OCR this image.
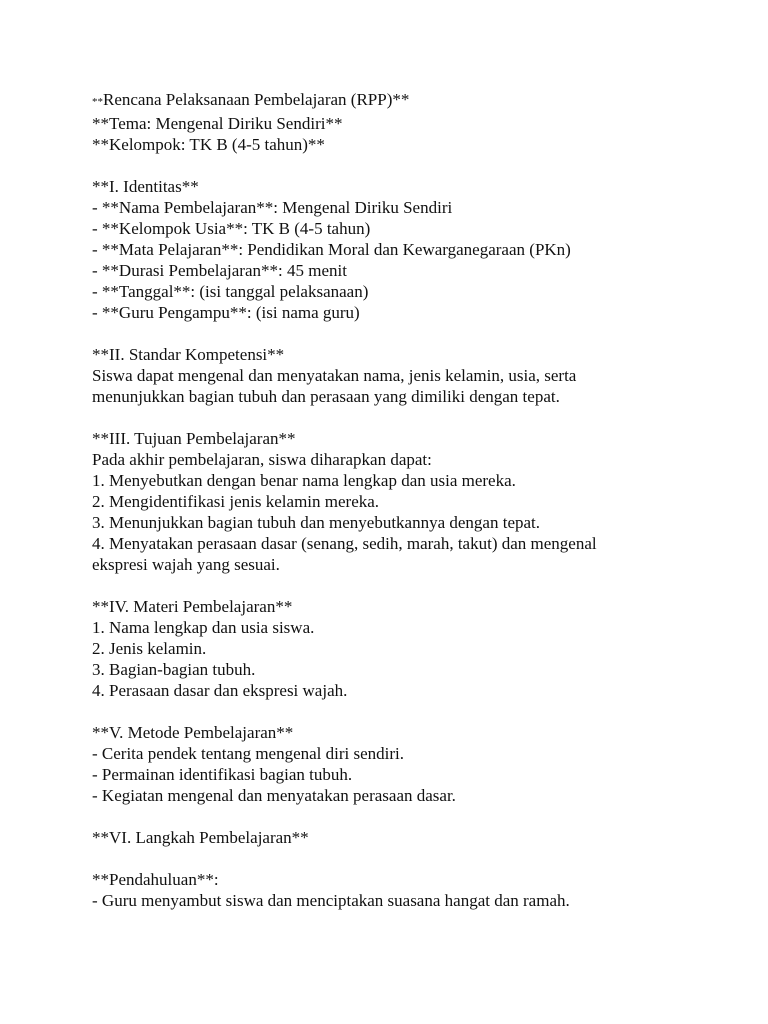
**Rencana Pelaksanaan Pembelajaran (RPP)**

**Tema: Mengenal Diriku Sendiri**

**Kelompok: TK B (4-5 tahun)**

**I. Identitas**

- **Nama Pembelajaran**: Mengenal Diriku Sendiri

- **Kelompok Usia**: TK B (4-5 tahun)

- **Mata Pelajaran**: Pendidikan Moral dan Kewarganegaraan (PKn)

- **Durasi Pembelajaran**: 45 menit

- **Tanggal**: (isi tanggal pelaksanaan)

- **Guru Pengampu**: (isi nama guru)

**II. Standar Kompetensi**

Siswa dapat mengenal dan menyatakan nama, jenis kelamin, usia, serta

menunjukkan bagian tubuh dan perasaan yang dimiliki dengan tepat.

**III. Tujuan Pembelajaran**

Pada akhir pembelajaran, siswa diharapkan dapat:

1. Menyebutkan dengan benar nama lengkap dan usia mereka.

2. Mengidentifikasi jenis kelamin mereka.

3. Menunjukkan bagian tubuh dan menyebutkannya dengan tepat.

4. Menyatakan perasaan dasar (senang, sedih, marah, takut) dan mengenal

ekspresi wajah yang sesuai.

**IV. Materi Pembelajaran**

1. Nama lengkap dan usia siswa.

2. Jenis kelamin.

3. Bagian-bagian tubuh.

4. Perasaan dasar dan ekspresi wajah.

**V. Metode Pembelajaran**

- Cerita pendek tentang mengenal diri sendiri.

- Permainan identifikasi bagian tubuh.

- Kegiatan mengenal dan menyatakan perasaan dasar.

**VI. Langkah Pembelajaran**

**Pendahuluan**:

- Guru menyambut siswa dan menciptakan suasana hangat dan ramah.
